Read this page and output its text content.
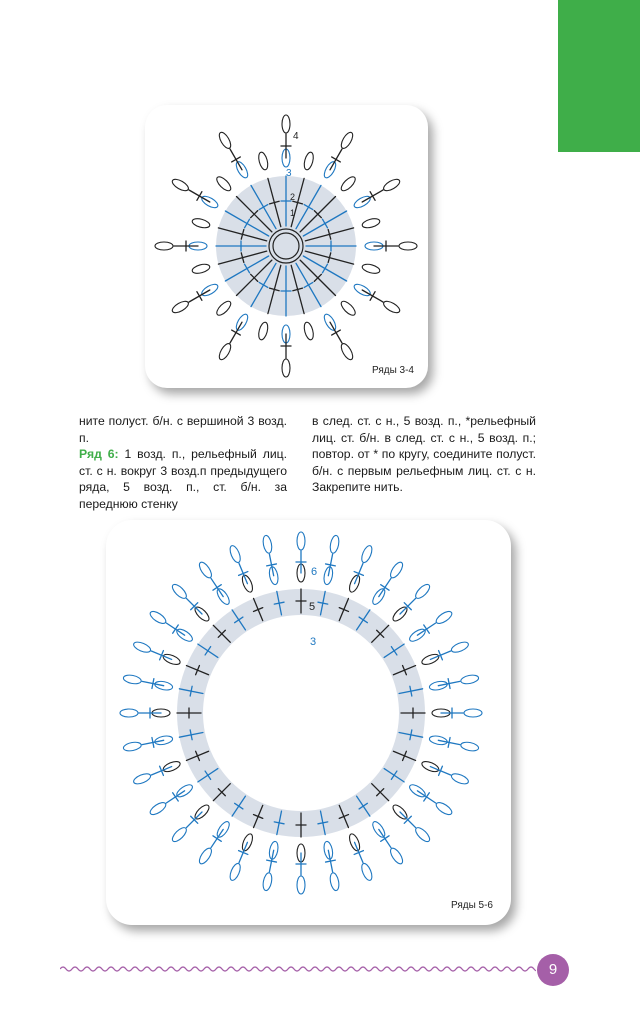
4
3
2
1
Ряды 3-4

ните полуст. б/н. с вершиной 3 возд. п.

Ряд 6: 1 возд. п., рельефный лиц. ст. с н. вокруг 3 возд.п предыдущего ряда, 5 возд. п., ст. б/н. за переднюю стенку

в след. ст. с н., 5 возд. п., *рельефный лиц. ст. б/н. в след. ст. с н., 5 возд. п.; повтор. от * по кругу, соедините полуст. б/н. с первым рельефным лиц. ст. с н. Закрепите нить.

6
5
3
Ряды 5-6
9
